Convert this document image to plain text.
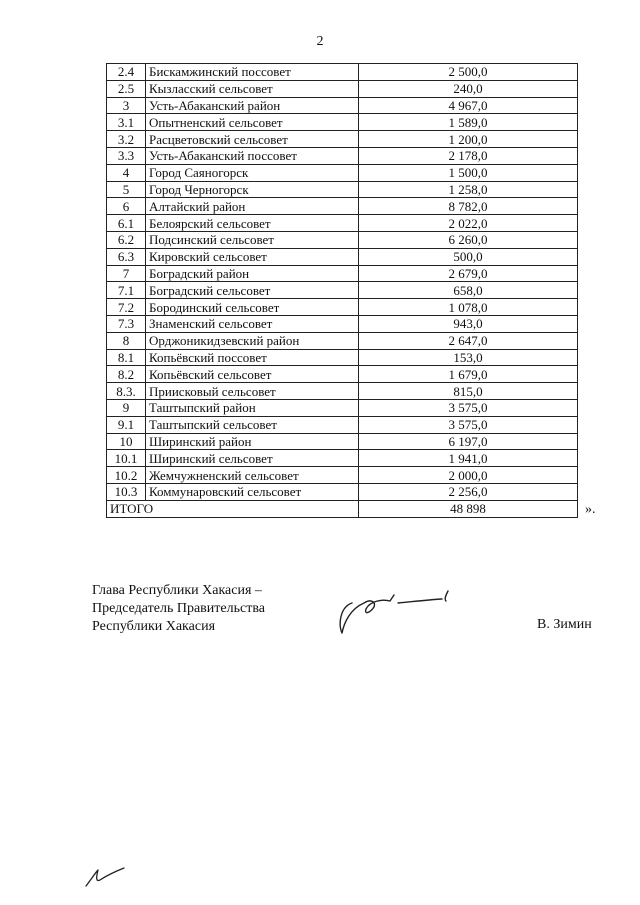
2
2.4	Бискамжинский поссовет	2 500,0
2.5	Кызласский сельсовет	240,0
3	Усть-Абаканский район	4 967,0
3.1	Опытненский сельсовет	1 589,0
3.2	Расцветовский сельсовет	1 200,0
3.3	Усть-Абаканский поссовет	2 178,0
4	Город Саяногорск	1 500,0
5	Город Черногорск	1 258,0
6	Алтайский район	8 782,0
6.1	Белоярский сельсовет	2 022,0
6.2	Подсинский сельсовет	6 260,0
6.3	Кировский сельсовет	500,0
7	Боградский район	2 679,0
7.1	Боградский сельсовет	658,0
7.2	Бородинский сельсовет	1 078,0
7.3	Знаменский сельсовет	943,0
8	Орджоникидзевский район	2 647,0
8.1	Копьёвский поссовет	153,0
8.2	Копьёвский сельсовет	1 679,0
8.3.	Приисковый сельсовет	815,0
9	Таштыпский район	3 575,0
9.1	Таштыпский сельсовет	3 575,0
10	Ширинский район	6 197,0
10.1	Ширинский сельсовет	1 941,0
10.2	Жемчужненский сельсовет	2 000,0
10.3	Коммунаровский сельсовет	2 256,0
ИТОГО		48 898	».
Глава Республики Хакасия –
Председатель Правительства
Республики Хакасия	В. Зимин
